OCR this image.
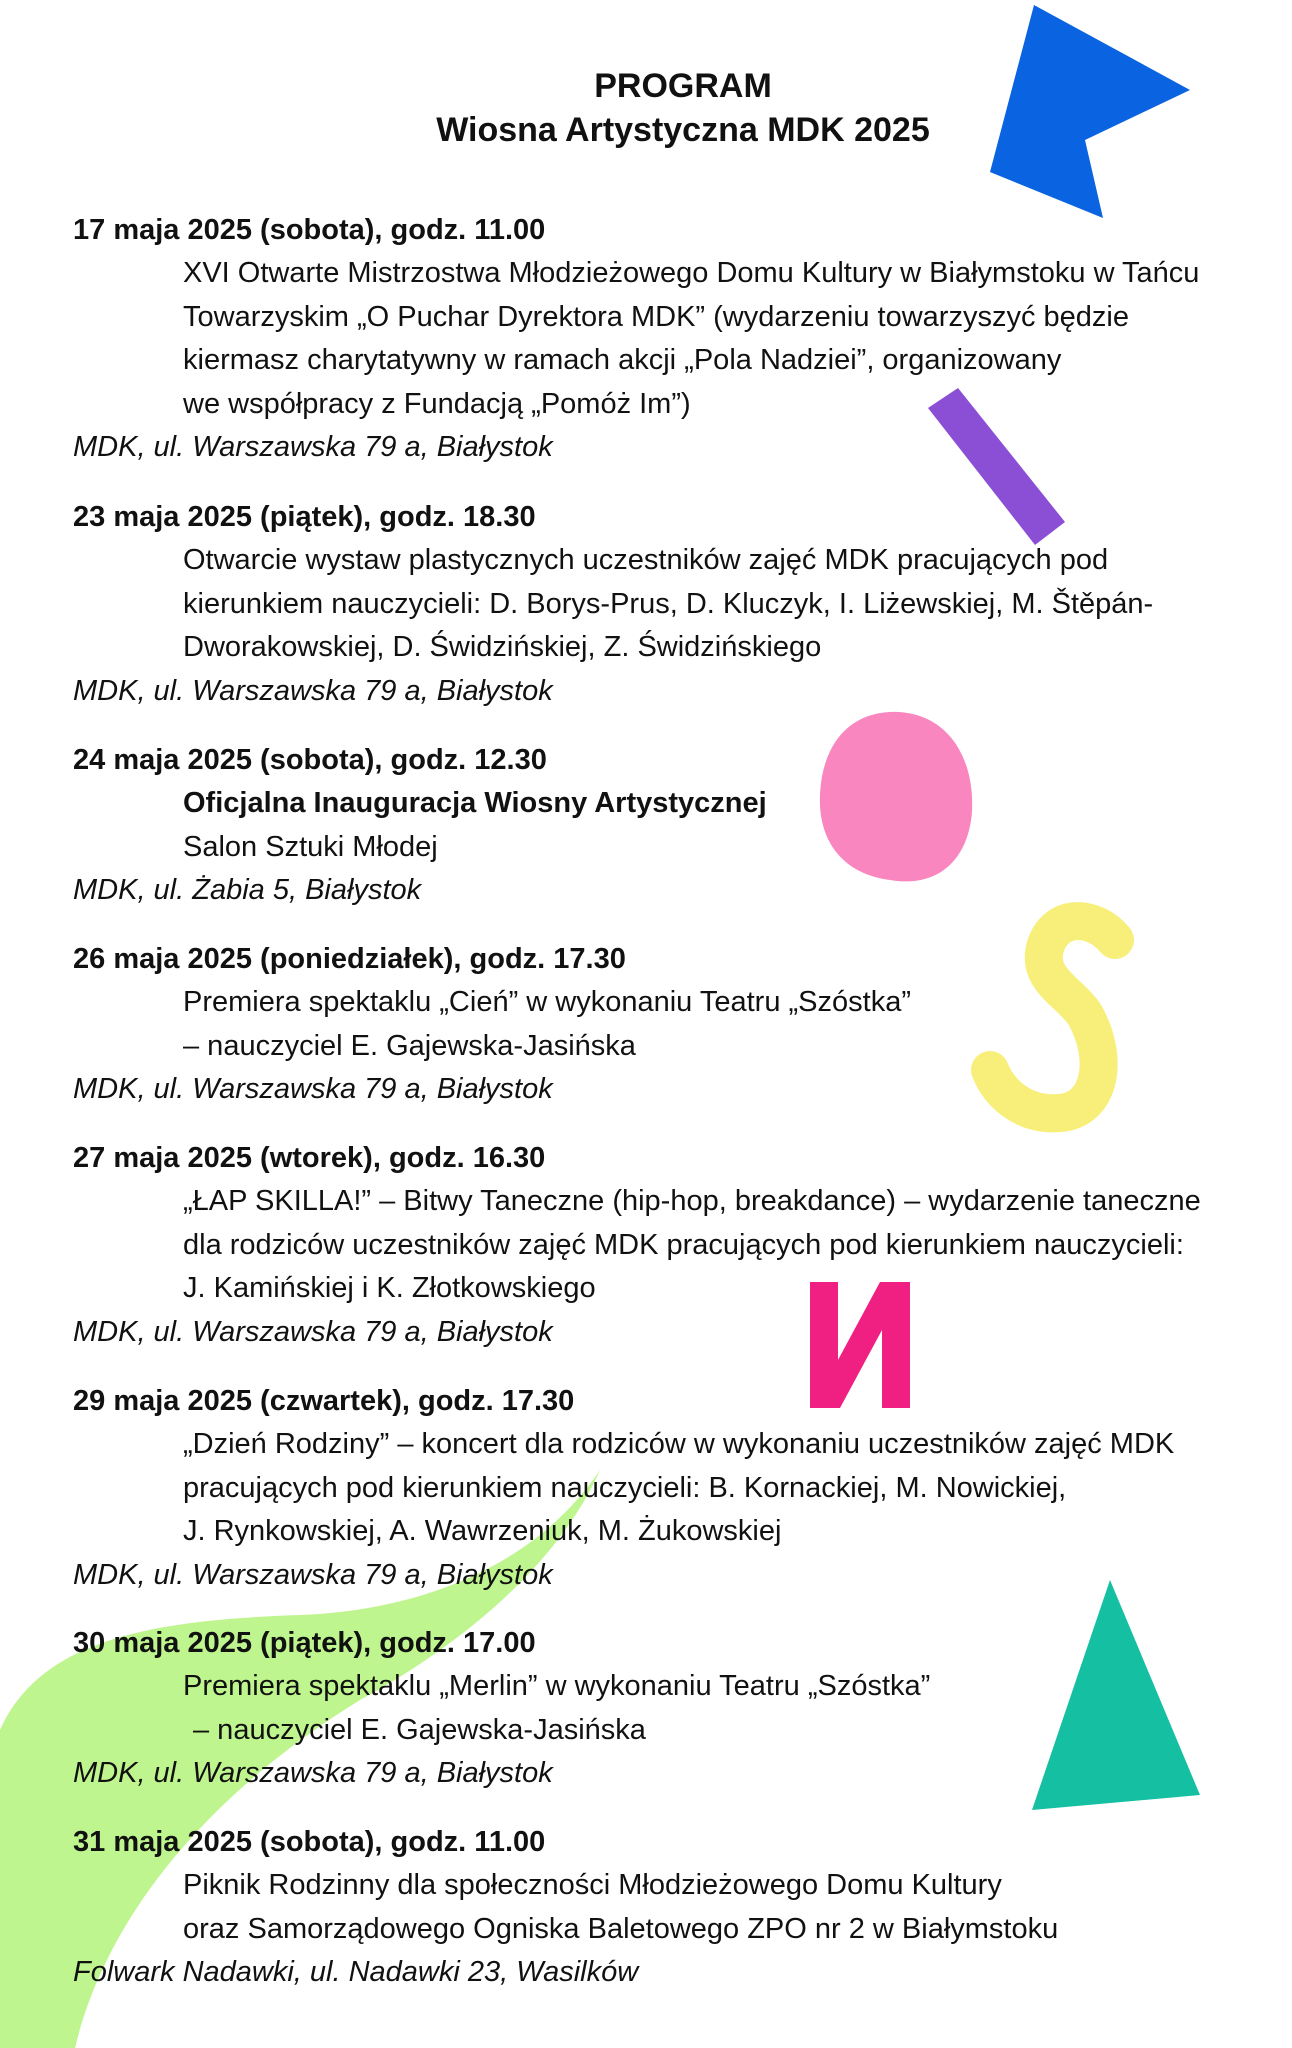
PROGRAM
Wiosna Artystyczna MDK 2025

17 maja 2025 (sobota), godz. 11.00

XVI Otwarte Mistrzostwa Młodzieżowego Domu Kultury w Białymstoku w Tańcu

Towarzyskim „O Puchar Dyrektora MDK” (wydarzeniu towarzyszyć będzie

kiermasz charytatywny w ramach akcji „Pola Nadziei”, organizowany

we współpracy z Fundacją „Pomóż Im”)

MDK, ul. Warszawska 79 a, Białystok

23 maja 2025 (piątek), godz. 18.30

Otwarcie wystaw plastycznych uczestników zajęć MDK pracujących pod

kierunkiem nauczycieli: D. Borys-Prus, D. Kluczyk, I. Liżewskiej, M. Štěpán-

Dworakowskiej, D. Świdzińskiej, Z. Świdzińskiego

MDK, ul. Warszawska 79 a, Białystok

24 maja 2025 (sobota), godz. 12.30

Oficjalna Inauguracja Wiosny Artystycznej

Salon Sztuki Młodej

MDK, ul. Żabia 5, Białystok

26 maja 2025 (poniedziałek), godz. 17.30

Premiera spektaklu „Cień” w wykonaniu Teatru „Szóstka”

– nauczyciel E. Gajewska-Jasińska

MDK, ul. Warszawska 79 a, Białystok

27 maja 2025 (wtorek), godz. 16.30

„ŁAP SKILLA!” – Bitwy Taneczne (hip-hop, breakdance) – wydarzenie taneczne

dla rodziców uczestników zajęć MDK pracujących pod kierunkiem nauczycieli:

J. Kamińskiej i K. Złotkowskiego

MDK, ul. Warszawska 79 a, Białystok

29 maja 2025 (czwartek), godz. 17.30

„Dzień Rodziny” – koncert dla rodziców w wykonaniu uczestników zajęć MDK

pracujących pod kierunkiem nauczycieli: B. Kornackiej, M. Nowickiej,

J. Rynkowskiej, A. Wawrzeniuk, M. Żukowskiej

MDK, ul. Warszawska 79 a, Białystok

30 maja 2025 (piątek), godz. 17.00

Premiera spektaklu „Merlin” w wykonaniu Teatru „Szóstka”

– nauczyciel E. Gajewska-Jasińska

MDK, ul. Warszawska 79 a, Białystok

31 maja 2025 (sobota), godz. 11.00

Piknik Rodzinny dla społeczności Młodzieżowego Domu Kultury

oraz Samorządowego Ogniska Baletowego ZPO nr 2 w Białymstoku

Folwark Nadawki, ul. Nadawki 23, Wasilków
